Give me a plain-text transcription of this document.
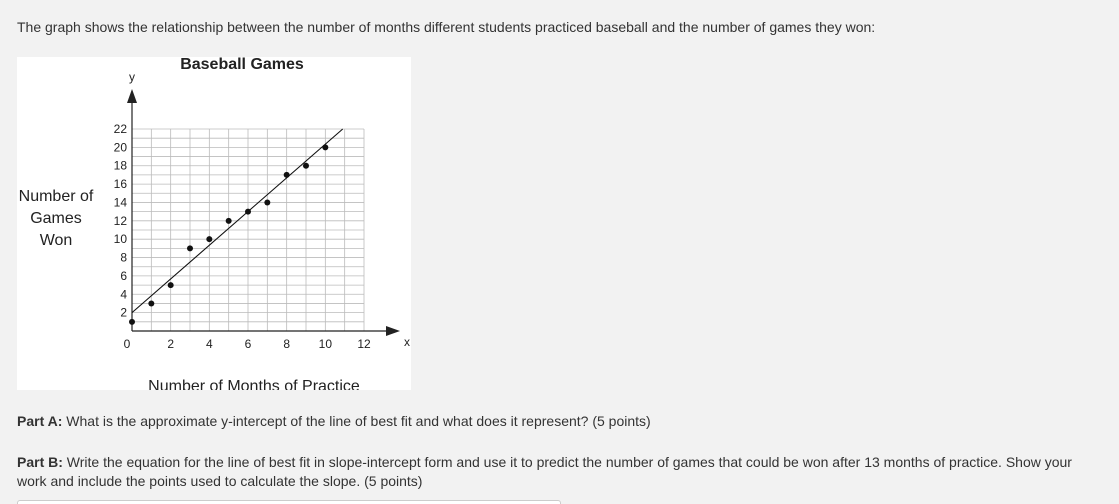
The graph shows the relationship between the number of months different students practiced baseball and the number of games they won:
Baseball Games
y
x
Number of
Games
Won
Number of Months of Practice
0	2	4	6	8 10 12
2
4
6
8
10
12
14
16
18
20
22
Part A: What is the approximate y-intercept of the line of best fit and what does it represent? (5 points)
Part B: Write the equation for the line of best fit in slope-intercept form and use it to predict the number of games that could be won after 13 months of practice. Show your work and include the points used to calculate the slope. (5 points)
